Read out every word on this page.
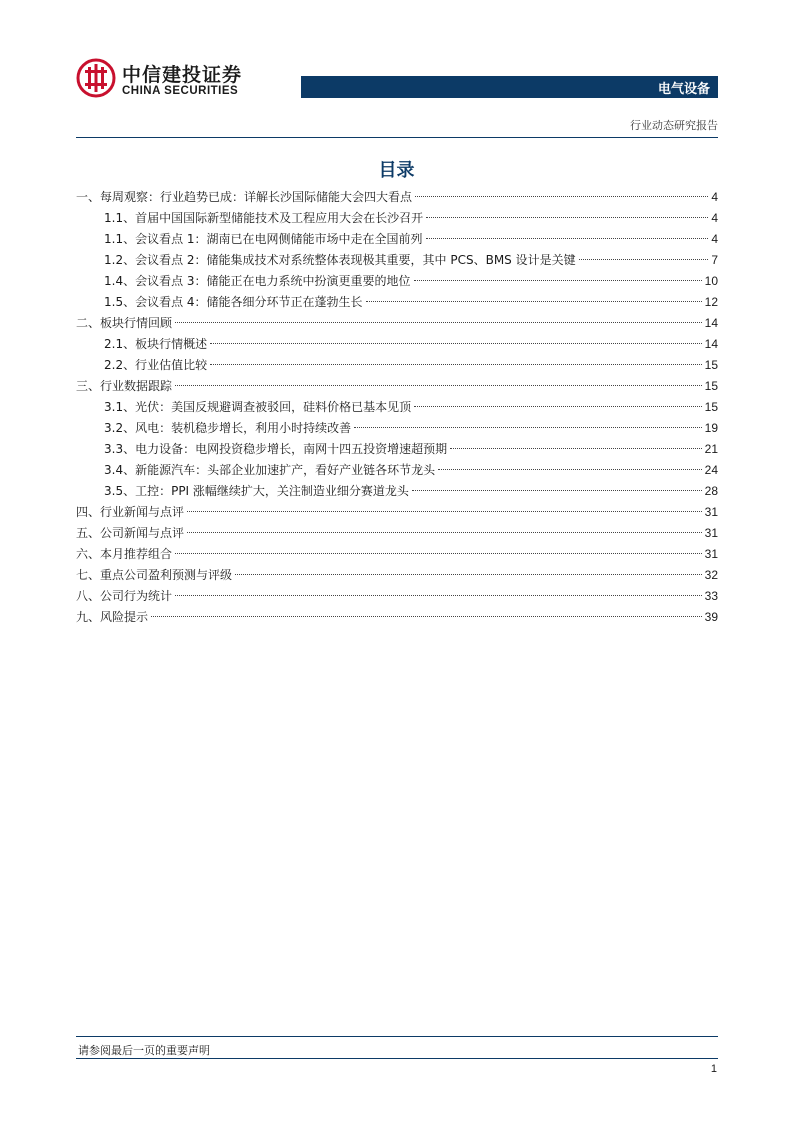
中信建投证券
CHINA SECURITIES	电气设备
行业动态研究报告
目录
一、每周观察：行业趋势已成：详解长沙国际储能大会四大看点	4
1.1、首届中国国际新型储能技术及工程应用大会在长沙召开	4
1.1、会议看点 1：湖南已在电网侧储能市场中走在全国前列	4
1.2、会议看点 2：储能集成技术对系统整体表现极其重要，其中 PCS、BMS 设计是关键	7
1.4、会议看点 3：储能正在电力系统中扮演更重要的地位	10
1.5、会议看点 4：储能各细分环节正在蓬勃生长	12
二、板块行情回顾	14
2.1、板块行情概述	14
2.2、行业估值比较	15
三、行业数据跟踪	15
3.1、光伏：美国反规避调查被驳回，硅料价格已基本见顶	15
3.2、风电：装机稳步增长，利用小时持续改善	19
3.3、电力设备：电网投资稳步增长，南网十四五投资增速超预期	21
3.4、新能源汽车：头部企业加速扩产，看好产业链各环节龙头	24
3.5、工控：PPI 涨幅继续扩大，关注制造业细分赛道龙头	28
四、行业新闻与点评	31
五、公司新闻与点评	31
六、本月推荐组合	31
七、重点公司盈利预测与评级	32
八、公司行为统计	33
九、风险提示	39
请参阅最后一页的重要声明
1
